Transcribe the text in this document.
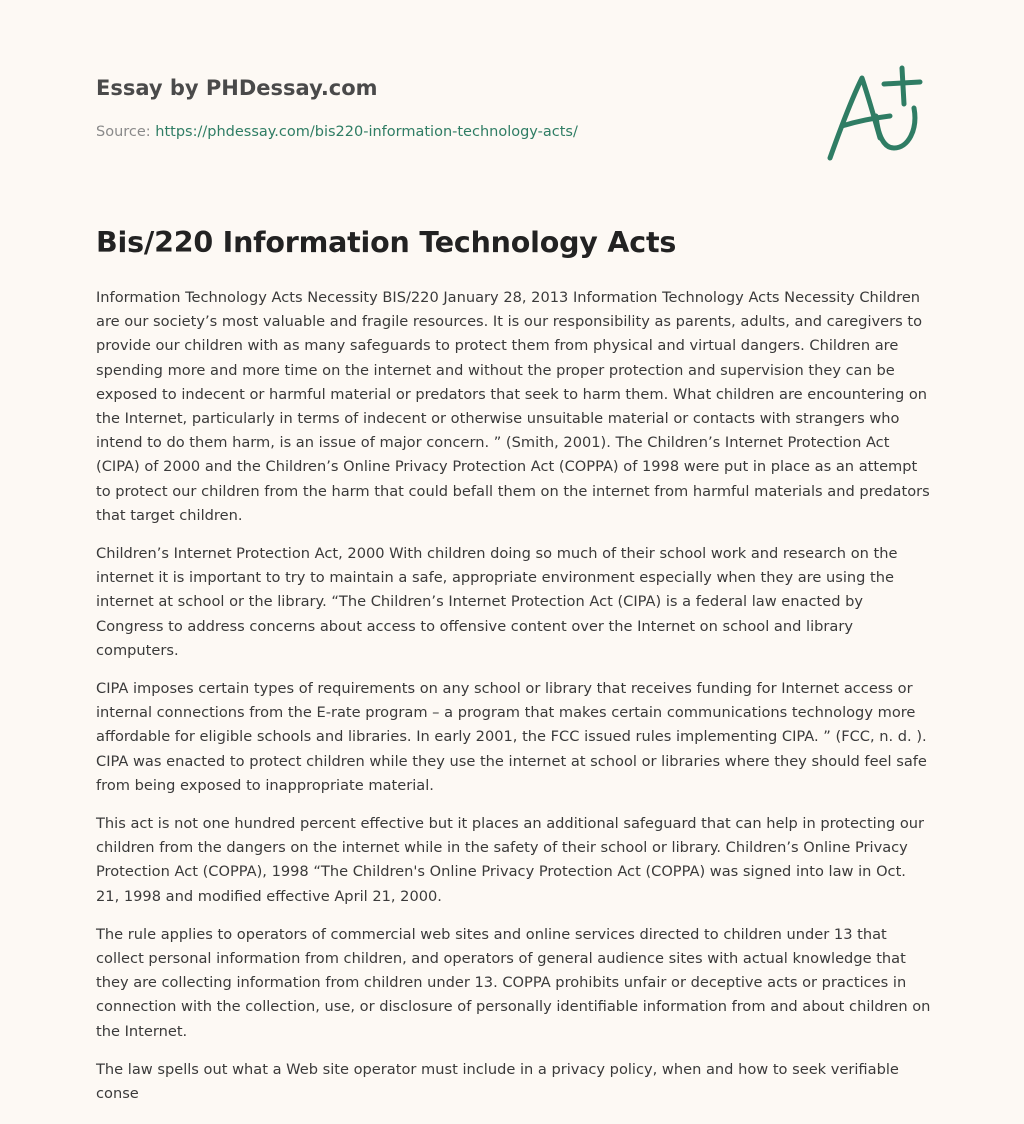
Essay by PHDessay.com
Source: https://phdessay.com/bis220-information-technology-acts/
Bis/220 Information Technology Acts

Information Technology Acts Necessity BIS/220 January 28, 2013 Information Technology Acts Necessity Children are our society’s most valuable and fragile resources. It is our responsibility as parents, adults, and caregivers to provide our children with as many safeguards to protect them from physical and virtual dangers. Children are spending more and more time on the internet and without the proper protection and supervision they can be exposed to indecent or harmful material or predators that seek to harm them. What children are encountering on the Internet, particularly in terms of indecent or otherwise unsuitable material or contacts with strangers who intend to do them harm, is an issue of major concern. ” (Smith, 2001). The Children’s Internet Protection Act (CIPA) of 2000 and the Children’s Online Privacy Protection Act (COPPA) of 1998 were put in place as an attempt to protect our children from the harm that could befall them on the internet from harmful materials and predators that target children.

Children’s Internet Protection Act, 2000 With children doing so much of their school work and research on the internet it is important to try to maintain a safe, appropriate environment especially when they are using the internet at school or the library. “The Children’s Internet Protection Act (CIPA) is a federal law enacted by Congress to address concerns about access to offensive content over the Internet on school and library computers.

CIPA imposes certain types of requirements on any school or library that receives funding for Internet access or internal connections from the E-rate program – a program that makes certain communications technology more affordable for eligible schools and libraries. In early 2001, the FCC issued rules implementing CIPA. ” (FCC, n. d. ). CIPA was enacted to protect children while they use the internet at school or libraries where they should feel safe from being exposed to inappropriate material.

This act is not one hundred percent effective but it places an additional safeguard that can help in protecting our children from the dangers on the internet while in the safety of their school or library. Children’s Online Privacy Protection Act (COPPA), 1998 “The Children's Online Privacy Protection Act (COPPA) was signed into law in Oct. 21, 1998 and modified effective April 21, 2000.

The rule applies to operators of commercial web sites and online services directed to children under 13 that collect personal information from children, and operators of general audience sites with actual knowledge that they are collecting information from children under 13. COPPA prohibits unfair or deceptive acts or practices in connection with the collection, use, or disclosure of personally identifiable information from and about children on the Internet.

The law spells out what a Web site operator must include in a privacy policy, when and how to seek verifiable conse
